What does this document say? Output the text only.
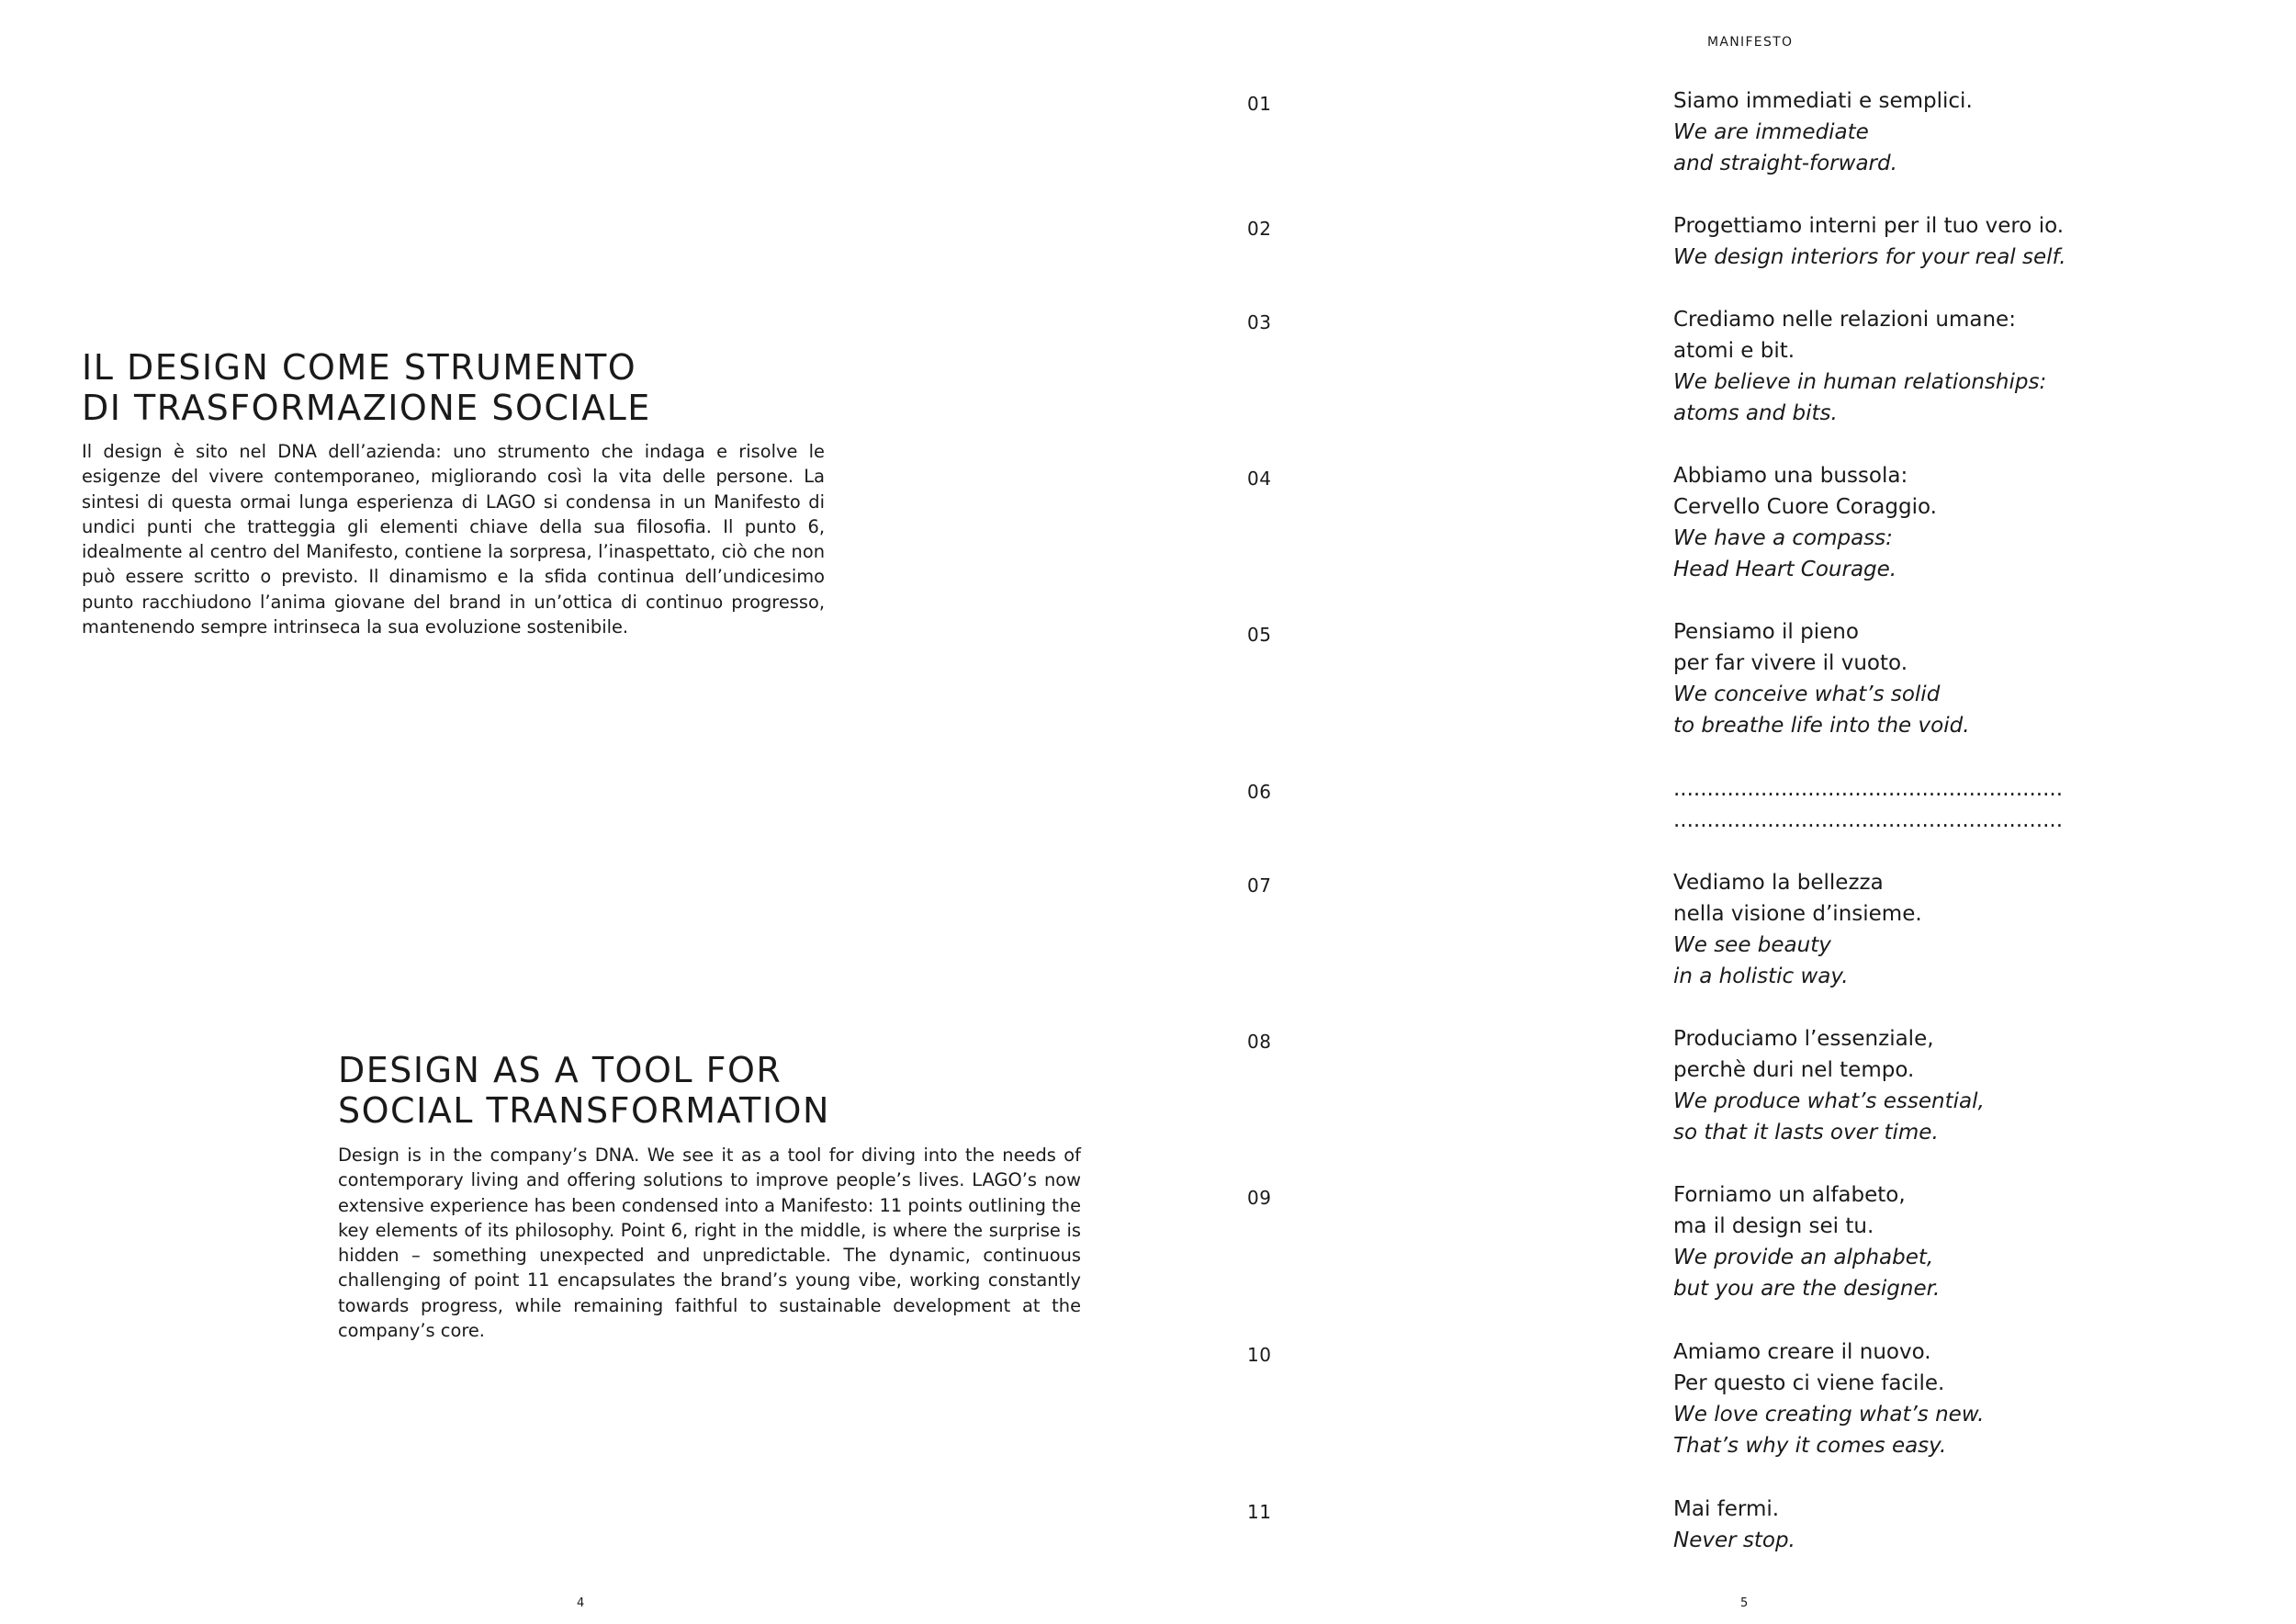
IL DESIGN COME STRUMENTO
DI TRASFORMAZIONE SOCIALE

Il design è sito nel DNA dell’azienda: uno strumento che indaga e risolve le esigenze del vivere contemporaneo, migliorando così la vita delle persone. La sintesi di questa ormai lunga esperienza di LAGO si condensa in un Manifesto di undici punti che tratteggia gli elementi chiave della sua filosofia. Il punto 6, idealmente al centro del Manifesto, contiene la sorpresa, l’inaspettato, ciò che non può essere scritto o previsto. Il dinamismo e la sfida continua dell’undicesimo punto racchiudono l’anima giovane del brand in un’ottica di continuo progresso, mantenendo sempre intrinseca la sua evoluzione sostenibile.

DESIGN AS A TOOL FOR
SOCIAL TRANSFORMATION

Design is in the company’s DNA. We see it as a tool for diving into the needs of contemporary living and offering solutions to improve people’s lives. LAGO’s now extensive experience has been condensed into a Manifesto: 11 points outlining the key elements of its philosophy. Point 6, right in the middle, is where the surprise is hidden – something unexpected and unpredictable. The dynamic, continuous challenging of point 11 encapsulates the brand’s young vibe, working constantly towards progress, while remaining faithful to sustainable development at the company’s core.

4
MANIFESTO
01	Siamo immediati e semplici.
We are immediate
and straight-forward.
02	Progettiamo interni per il tuo vero io.
We design interiors for your real self.
03	Crediamo nelle relazioni umane:
atomi e bit.
We believe in human relationships:
atoms and bits.
04	Abbiamo una bussola:
Cervello Cuore Coraggio.
We have a compass:
Head Heart Courage.
05	Pensiamo il pieno
per far vivere il vuoto.
We conceive what’s solid
to breathe life into the void.
06	..........................................................
..........................................................
07	Vediamo la bellezza
nella visione d’insieme.
We see beauty
in a holistic way.
08	Produciamo l’essenziale,
perchè duri nel tempo.
We produce what’s essential,
so that it lasts over time.
09	Forniamo un alfabeto,
ma il design sei tu.
We provide an alphabet,
but you are the designer.
10	Amiamo creare il nuovo.
Per questo ci viene facile.
We love creating what’s new.
That’s why it comes easy.
11	Mai fermi.
Never stop.
5
